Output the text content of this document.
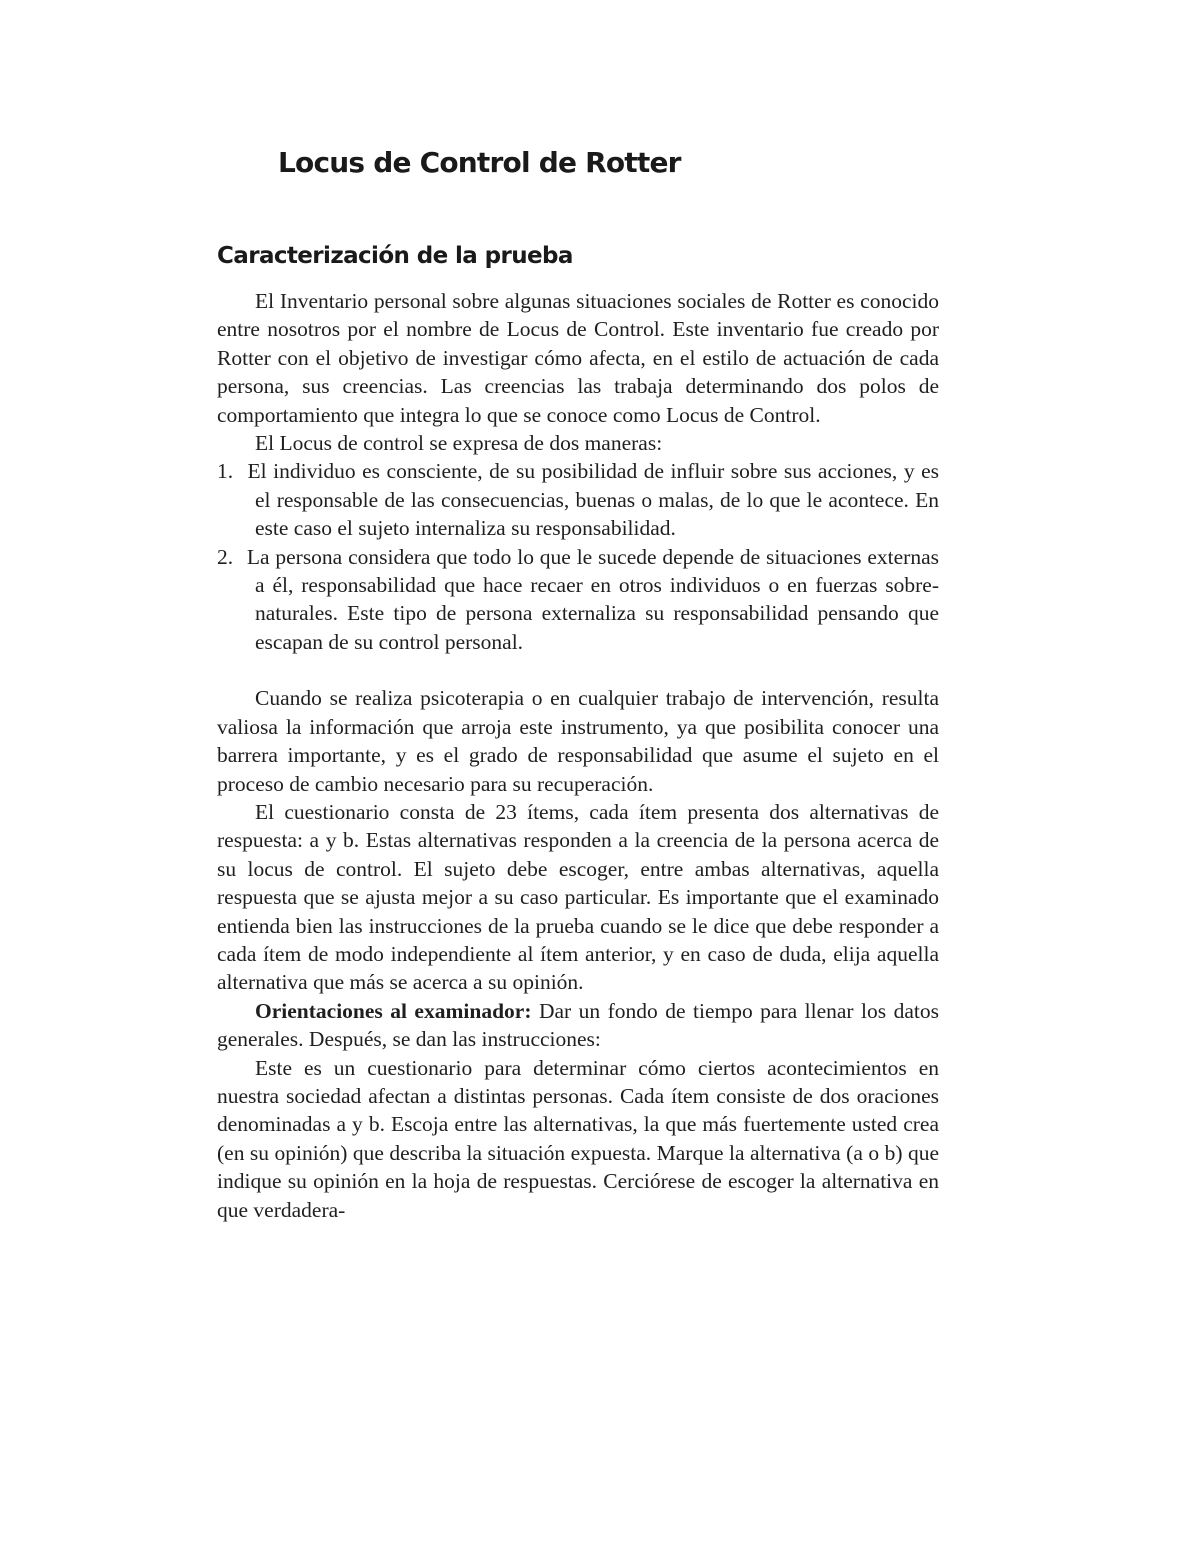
Locus de Control de Rotter
Caracterización de la prueba

El Inventario personal sobre algunas situaciones sociales de Rotter es conocido entre nosotros por el nombre de Locus de Control. Este inventario fue creado por Rotter con el objetivo de investigar cómo afecta, en el estilo de actuación de cada persona, sus creencias. Las creencias las trabaja determinando dos polos de comportamiento que integra lo que se conoce como Locus de Control.

El Locus de control se expresa de dos maneras:

1. El individuo es consciente, de su posibilidad de influir sobre sus acciones, y es el responsable de las consecuencias, buenas o malas, de lo que le acontece. En este caso el sujeto internaliza su responsabilidad.
2. La persona considera que todo lo que le sucede depende de situaciones externas a él, responsabilidad que hace recaer en otros individuos o en fuerzas sobre-naturales. Este tipo de persona externaliza su responsabilidad pensando que escapan de su control personal.

Cuando se realiza psicoterapia o en cualquier trabajo de intervención, resulta valiosa la información que arroja este instrumento, ya que posibilita conocer una barrera importante, y es el grado de responsabilidad que asume el sujeto en el proceso de cambio necesario para su recuperación.

El cuestionario consta de 23 ítems, cada ítem presenta dos alternativas de respuesta: a y b. Estas alternativas responden a la creencia de la persona acerca de su locus de control. El sujeto debe escoger, entre ambas alternativas, aquella respuesta que se ajusta mejor a su caso particular. Es importante que el examinado entienda bien las instrucciones de la prueba cuando se le dice que debe responder a cada ítem de modo independiente al ítem anterior, y en caso de duda, elija aquella alternativa que más se acerca a su opinión.

Orientaciones al examinador: Dar un fondo de tiempo para llenar los datos generales. Después, se dan las instrucciones:

Este es un cuestionario para determinar cómo ciertos acontecimientos en nuestra sociedad afectan a distintas personas. Cada ítem consiste de dos oraciones denominadas a y b. Escoja entre las alternativas, la que más fuertemente usted crea (en su opinión) que describa la situación expuesta. Marque la alternativa (a o b) que indique su opinión en la hoja de respuestas. Cerciórese de escoger la alternativa en que verdadera-
